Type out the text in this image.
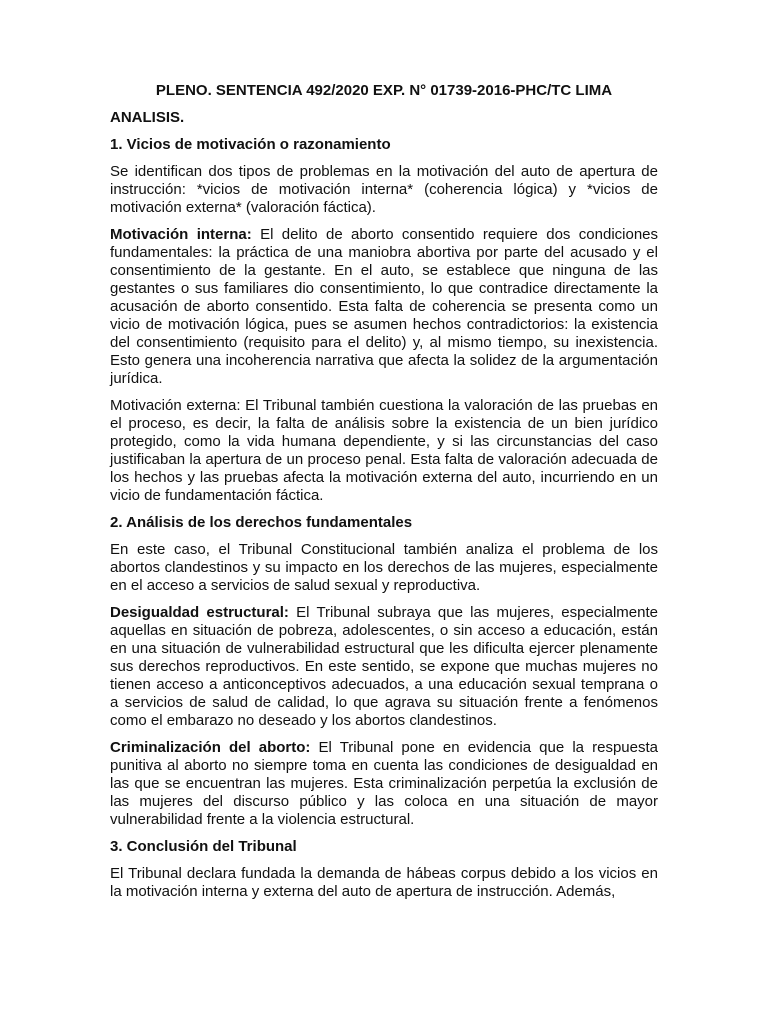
PLENO. SENTENCIA 492/2020 EXP. N° 01739-2016-PHC/TC LIMA
ANALISIS.
1. Vicios de motivación o razonamiento

Se identifican dos tipos de problemas en la motivación del auto de apertura de instrucción: *vicios de motivación interna* (coherencia lógica) y *vicios de motivación externa* (valoración fáctica).

Motivación interna: El delito de aborto consentido requiere dos condiciones fundamentales: la práctica de una maniobra abortiva por parte del acusado y el consentimiento de la gestante. En el auto, se establece que ninguna de las gestantes o sus familiares dio consentimiento, lo que contradice directamente la acusación de aborto consentido. Esta falta de coherencia se presenta como un vicio de motivación lógica, pues se asumen hechos contradictorios: la existencia del consentimiento (requisito para el delito) y, al mismo tiempo, su inexistencia. Esto genera una incoherencia narrativa que afecta la solidez de la argumentación jurídica.

Motivación externa: El Tribunal también cuestiona la valoración de las pruebas en el proceso, es decir, la falta de análisis sobre la existencia de un bien jurídico protegido, como la vida humana dependiente, y si las circunstancias del caso justificaban la apertura de un proceso penal. Esta falta de valoración adecuada de los hechos y las pruebas afecta la motivación externa del auto, incurriendo en un vicio de fundamentación fáctica.

2. Análisis de los derechos fundamentales

En este caso, el Tribunal Constitucional también analiza el problema de los abortos clandestinos y su impacto en los derechos de las mujeres, especialmente en el acceso a servicios de salud sexual y reproductiva.

Desigualdad estructural: El Tribunal subraya que las mujeres, especialmente aquellas en situación de pobreza, adolescentes, o sin acceso a educación, están en una situación de vulnerabilidad estructural que les dificulta ejercer plenamente sus derechos reproductivos. En este sentido, se expone que muchas mujeres no tienen acceso a anticonceptivos adecuados, a una educación sexual temprana o a servicios de salud de calidad, lo que agrava su situación frente a fenómenos como el embarazo no deseado y los abortos clandestinos.

Criminalización del aborto: El Tribunal pone en evidencia que la respuesta punitiva al aborto no siempre toma en cuenta las condiciones de desigualdad en las que se encuentran las mujeres. Esta criminalización perpetúa la exclusión de las mujeres del discurso público y las coloca en una situación de mayor vulnerabilidad frente a la violencia estructural.

3. Conclusión del Tribunal

El Tribunal declara fundada la demanda de hábeas corpus debido a los vicios en la motivación interna y externa del auto de apertura de instrucción. Además,
